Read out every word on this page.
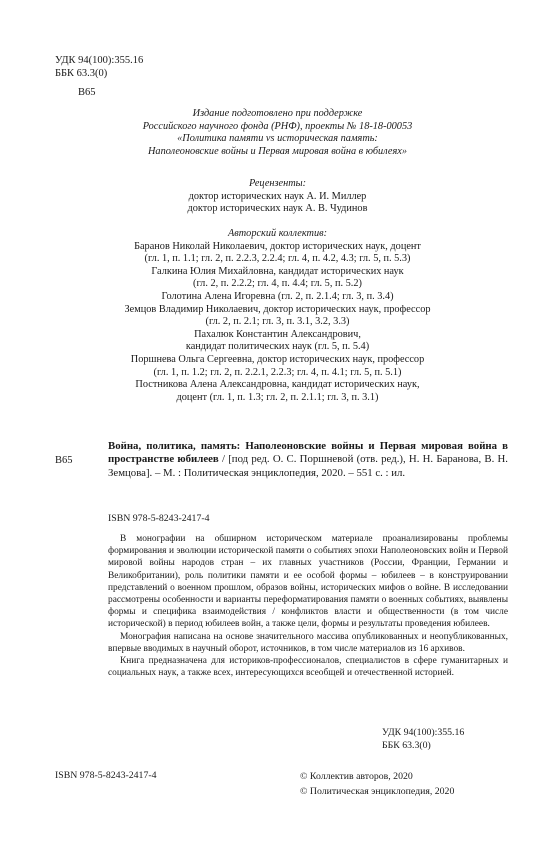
УДК 94(100):355.16
ББК 63.3(0)
В65
Издание подготовлено при поддержке
Российского научного фонда (РНФ), проекты № 18-18-00053
«Политика памяти vs историческая память:
Наполеоновские войны и Первая мировая война в юбилеях»
Рецензенты:
доктор исторических наук А. И. Миллер
доктор исторических наук А. В. Чудинов
Авторский коллектив:
Баранов Николай Николаевич, доктор исторических наук, доцент
(гл. 1, п. 1.1; гл. 2, п. 2.2.3, 2.2.4; гл. 4, п. 4.2, 4.3; гл. 5, п. 5.3)
Галкина Юлия Михайловна, кандидат исторических наук
(гл. 2, п. 2.2.2; гл. 4, п. 4.4; гл. 5, п. 5.2)
Голотина Алена Игоревна (гл. 2, п. 2.1.4; гл. 3, п. 3.4)
Земцов Владимир Николаевич, доктор исторических наук, профессор
(гл. 2, п. 2.1; гл. 3, п. 3.1, 3.2, 3.3)
Пахалюк Константин Александрович,
кандидат политических наук (гл. 5, п. 5.4)
Поршнева Ольга Сергеевна, доктор исторических наук, профессор
(гл. 1, п. 1.2; гл. 2, п. 2.2.1, 2.2.3; гл. 4, п. 4.1; гл. 5, п. 5.1)
Постникова Алена Александровна, кандидат исторических наук,
доцент (гл. 1, п. 1.3; гл. 2, п. 2.1.1; гл. 3, п. 3.1)
В65
Война, политика, память: Наполеоновские войны и Первая мировая война в пространстве юбилеев / [под ред. О. С. Поршневой (отв. ред.), Н. Н. Баранова, В. Н. Земцова]. – М. : Политическая энциклопедия, 2020. – 551 с. : ил.
ISBN 978-5-8243-2417-4

В монографии на обширном историческом материале проанализированы проблемы формирования и эволюции исторической памяти о событиях эпохи Наполеоновских войн и Первой мировой войны народов стран – их главных участников (России, Франции, Германии и Великобритании), роль политики памяти и ее особой формы – юбилеев – в конструировании представлений о военном прошлом, образов войны, исторических мифов о войне. В исследовании рассмотрены особенности и варианты переформатирования памяти о военных событиях, выявлены формы и специфика взаимодействия / конфликтов власти и общественности (в том числе исторической) в период юбилеев войн, а также цели, формы и результаты проведения юбилеев.

Монография написана на основе значительного массива опубликованных и неопубликованных, впервые вводимых в научный оборот, источников, в том числе материалов из 16 архивов.

Книга предназначена для историков-профессионалов, специалистов в сфере гуманитарных и социальных наук, а также всех, интересующихся всеобщей и отечественной историей.

УДК 94(100):355.16
ББК 63.3(0)
ISBN 978-5-8243-2417-4	© Коллектив авторов, 2020
© Политическая энциклопедия, 2020
